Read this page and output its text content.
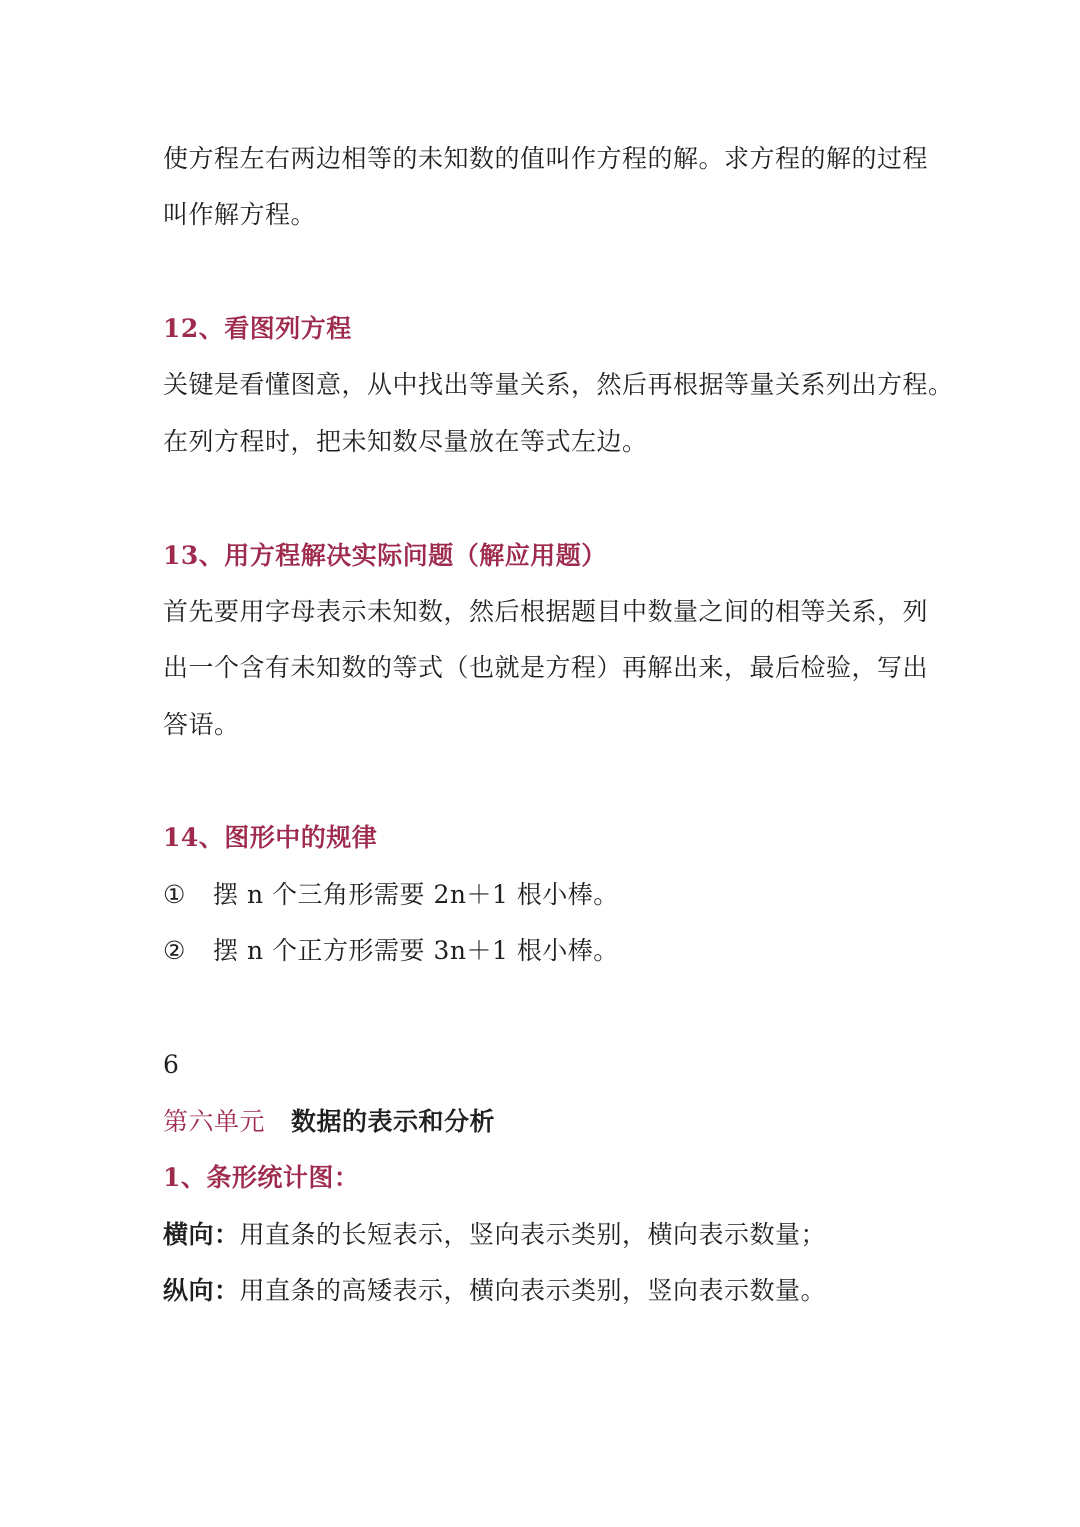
使方程左右两边相等的未知数的值叫作方程的解。求方程的解的过程
叫作解方程。
12、看图列方程
关键是看懂图意，从中找出等量关系，然后再根据等量关系列出方程。
在列方程时，把未知数尽量放在等式左边。
13、用方程解决实际问题（解应用题）
首先要用字母表示未知数，然后根据题目中数量之间的相等关系，列
出一个含有未知数的等式（也就是方程）再解出来，最后检验，写出
答语。
14、图形中的规律
① 摆 n 个三角形需要 2n＋1 根小棒。
② 摆 n 个正方形需要 3n＋1 根小棒。
6
第六单元 数据的表示和分析
1、条形统计图：
横向：用直条的长短表示，竖向表示类别，横向表示数量；
纵向：用直条的高矮表示，横向表示类别，竖向表示数量。
